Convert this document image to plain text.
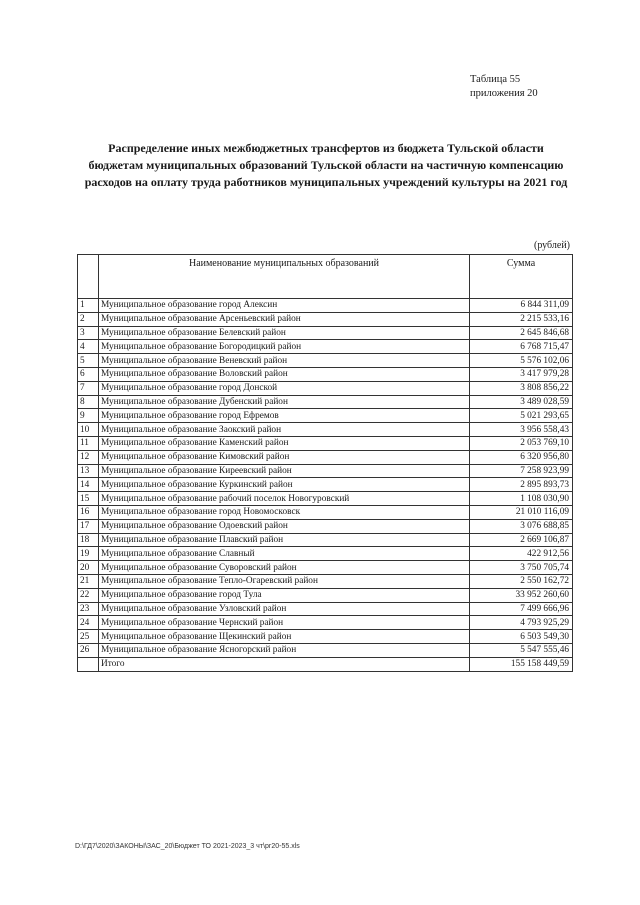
Таблица 55
приложения 20
Распределение иных межбюджетных трансфертов из бюджета Тульской области бюджетам муниципальных образований Тульской области на частичную компенсацию расходов на оплату труда работников муниципальных учреждений культуры на 2021 год
(рублей)
	Наименование муниципальных образований	Сумма
1	Муниципальное образование город Алексин	6 844 311,09
2	Муниципальное образование Арсеньевский район	2 215 533,16
3	Муниципальное образование Белевский район	2 645 846,68
4	Муниципальное образование Богородицкий район	6 768 715,47
5	Муниципальное образование Веневский район	5 576 102,06
6	Муниципальное образование Воловский район	3 417 979,28
7	Муниципальное образование город Донской	3 808 856,22
8	Муниципальное образование Дубенский район	3 489 028,59
9	Муниципальное образование город Ефремов	5 021 293,65
10	Муниципальное образование Заокский район	3 956 558,43
11	Муниципальное образование Каменский район	2 053 769,10
12	Муниципальное образование Кимовский район	6 320 956,80
13	Муниципальное образование Киреевский район	7 258 923,99
14	Муниципальное образование Куркинский район	2 895 893,73
15	Муниципальное образование рабочий поселок Новогуровский	1 108 030,90
16	Муниципальное образование город Новомосковск	21 010 116,09
17	Муниципальное образование Одоевский район	3 076 688,85
18	Муниципальное образование Плавский район	2 669 106,87
19	Муниципальное образование Славный	422 912,56
20	Муниципальное образование Суворовский район	3 750 705,74
21	Муниципальное образование Тепло-Огаревский район	2 550 162,72
22	Муниципальное образование город Тула	33 952 260,60
23	Муниципальное образование Узловский район	7 499 666,96
24	Муниципальное образование Чернский район	4 793 925,29
25	Муниципальное образование Щекинский район	6 503 549,30
26	Муниципальное образование Ясногорский район	5 547 555,46
	Итого	155 158 449,59
D:\ГД7\2020\ЗАКОНЫ\ЗАС_20\Бюджет ТО 2021-2023_3 чт\рг20-55.xls
